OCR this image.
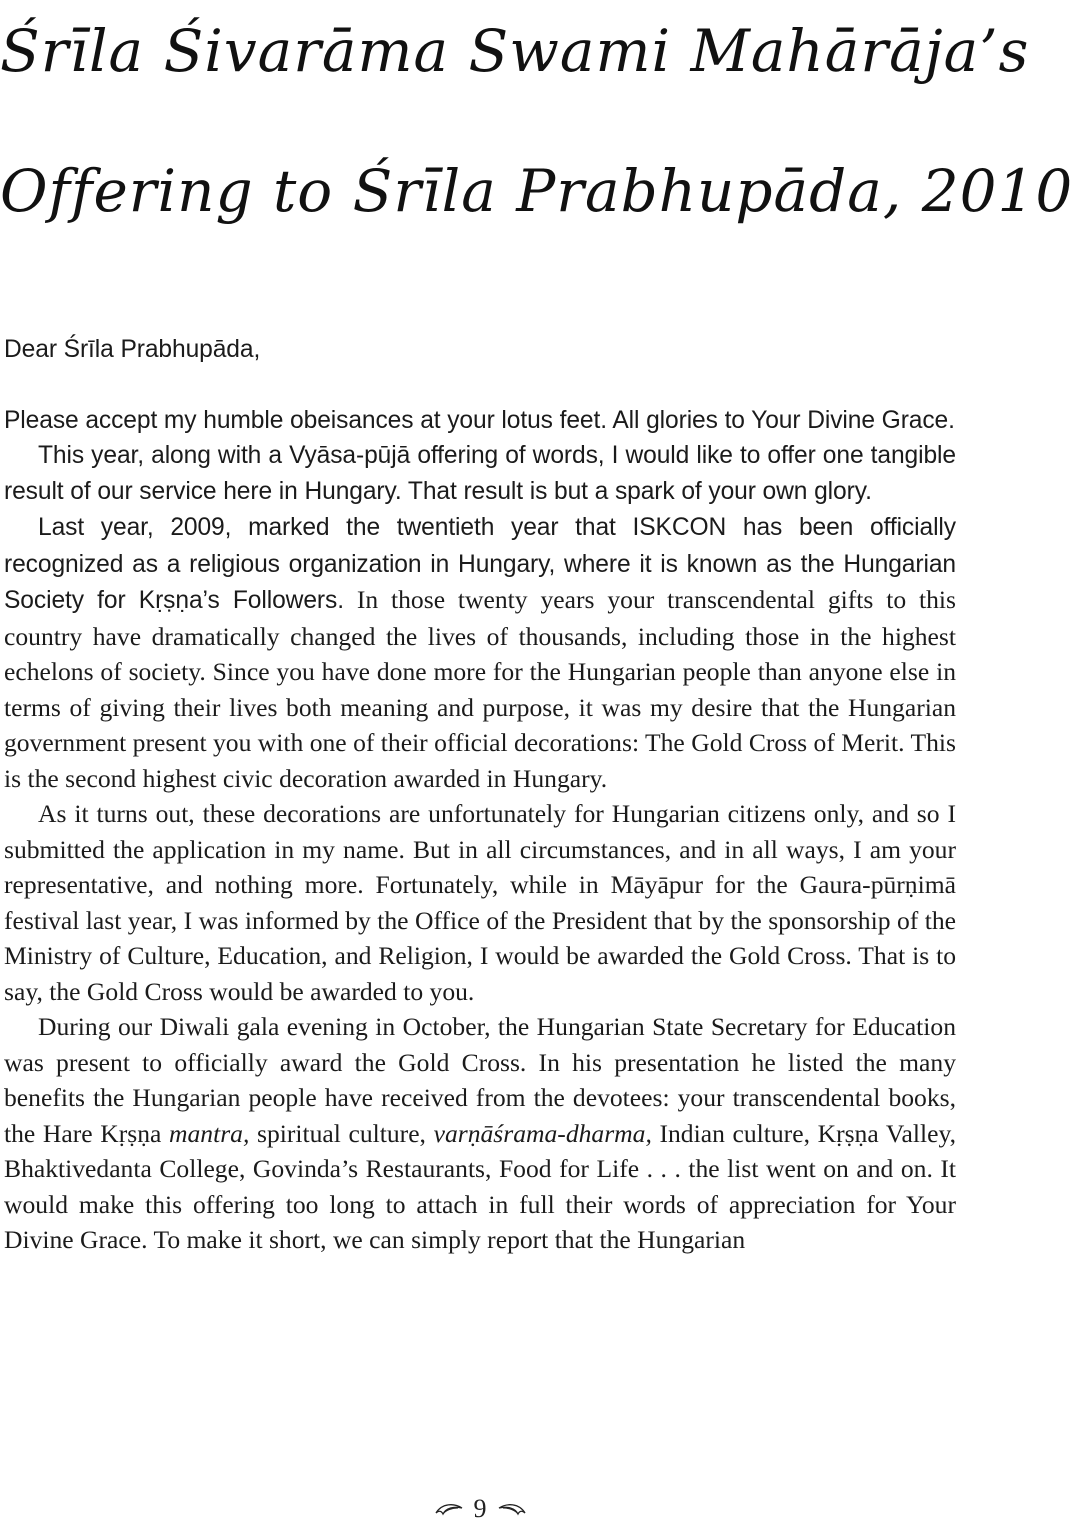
Śrīla Śivarāma Swami Mahārāja’s
Offering to Śrīla Prabhupāda, 2010

Dear Śrīla Prabhupāda,

Please accept my humble obeisances at your lotus feet. All glories to Your Divine Grace.

This year, along with a Vyāsa-pūjā offering of words, I would like to offer one tangible result of our service here in Hungary. That result is but a spark of your own glory.

Last year, 2009, marked the twentieth year that ISKCON has been officially recognized as a religious organization in Hungary, where it is known as the Hungarian Society for Kṛṣṇa’s Followers. In those twenty years your transcendental gifts to this country have dramatically changed the lives of thousands, including those in the highest echelons of society. Since you have done more for the Hungarian people than anyone else in terms of giving their lives both meaning and purpose, it was my desire that the Hungarian government present you with one of their official decorations: The Gold Cross of Merit. This is the second highest civic decoration awarded in Hungary.

As it turns out, these decorations are unfortunately for Hungarian citizens only, and so I submitted the application in my name. But in all circumstances, and in all ways, I am your representative, and nothing more. Fortunately, while in Māyāpur for the Gaura-pūrṇimā festival last year, I was informed by the Office of the President that by the sponsorship of the Ministry of Culture, Education, and Religion, I would be awarded the Gold Cross. That is to say, the Gold Cross would be awarded to you.

During our Diwali gala evening in October, the Hungarian State Secretary for Education was present to officially award the Gold Cross. In his presentation he listed the many benefits the Hungarian people have received from the devotees: your transcendental books, the Hare Kṛṣṇa mantra, spiritual culture, varṇāśrama-dharma, Indian culture, Kṛṣṇa Valley, Bhaktivedanta College, Govinda’s Restaurants, Food for Life . . . the list went on and on. It would make this offering too long to attach in full their words of appreciation for Your Divine Grace. To make it short, we can simply report that the Hungarian

9
